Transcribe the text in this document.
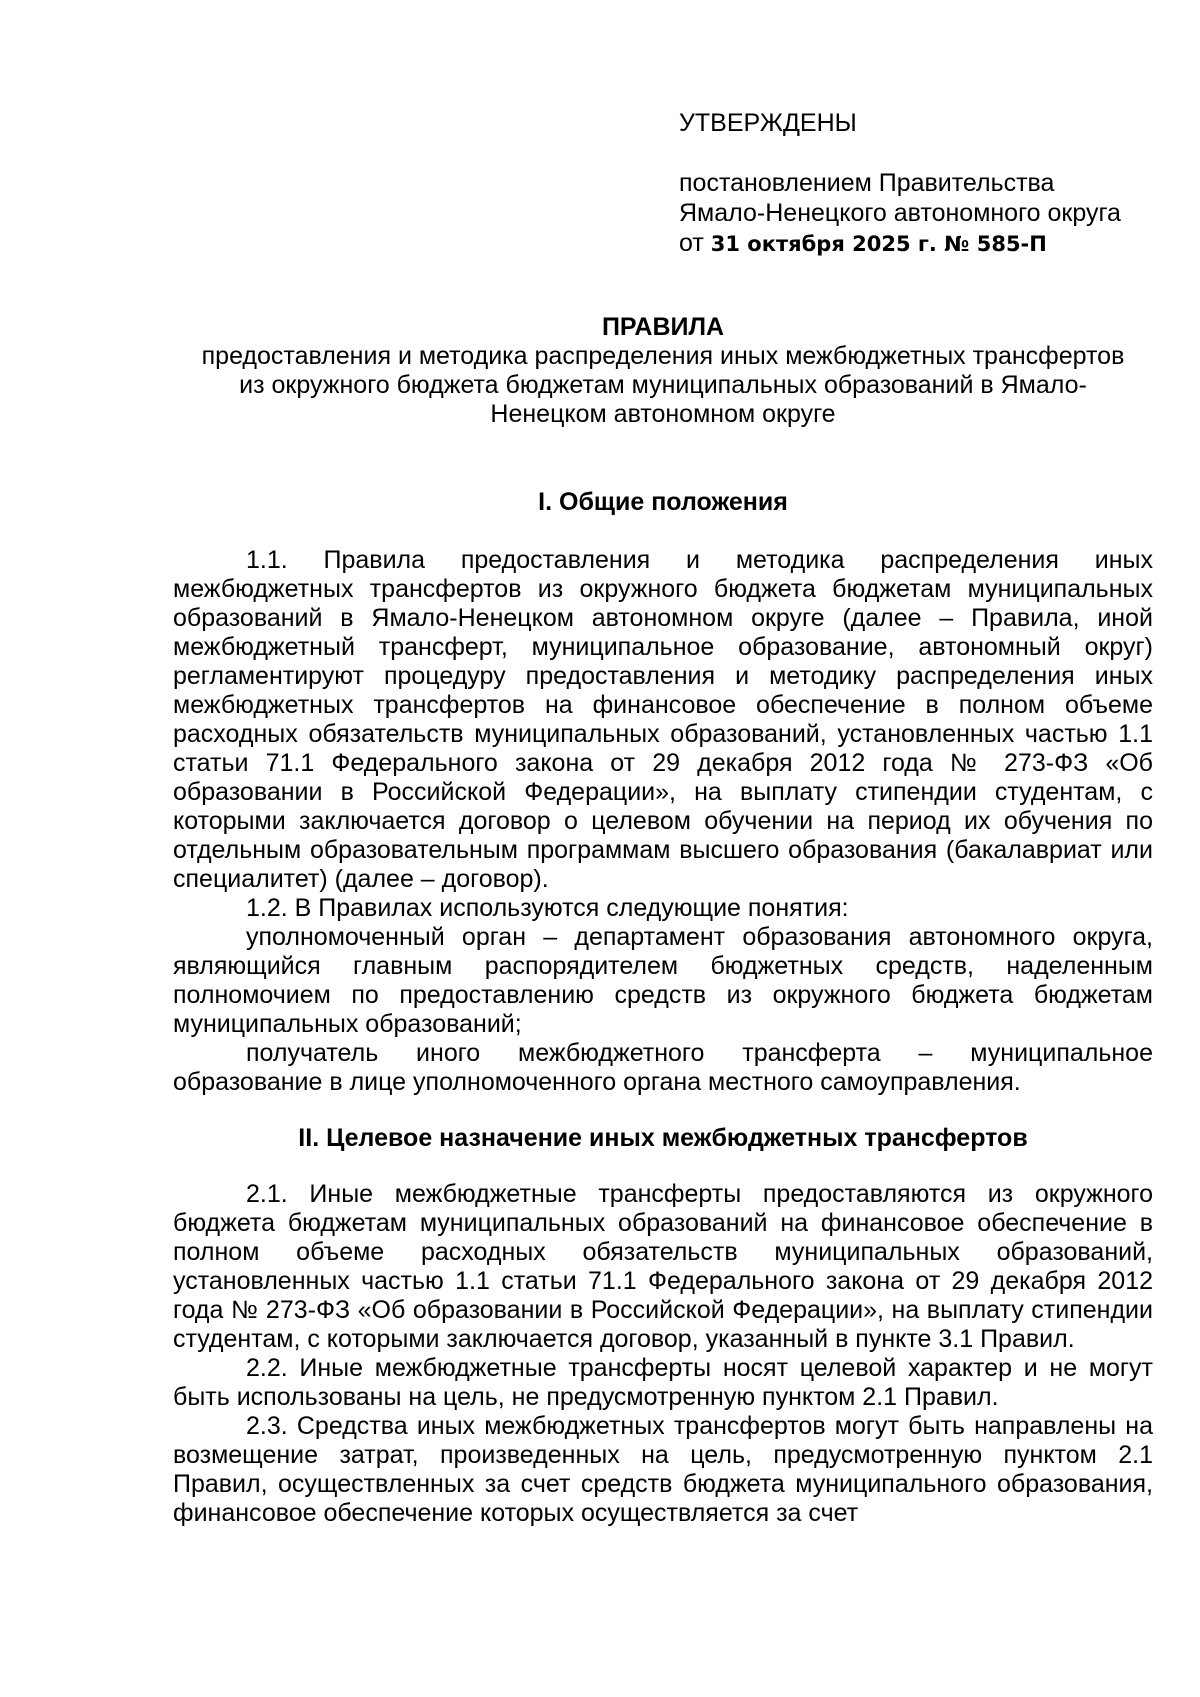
УТВЕРЖДЕНЫ
постановлением Правительства
Ямало-Ненецкого автономного округа
от 31 октября 2025 г. № 585-П

ПРАВИЛА

предоставления и методика распределения иных межбюджетных трансфертов из окружного бюджета бюджетам муниципальных образований в Ямало-Ненецком автономном округе

I. Общие положения

1.1. Правила предоставления и методика распределения иных межбюджетных трансфертов из окружного бюджета бюджетам муниципальных образований в Ямало-Ненецком автономном округе (далее – Правила, иной межбюджетный трансферт, муниципальное образование, автономный округ) регламентируют процедуру предоставления и методику распределения иных межбюджетных трансфертов на финансовое обеспечение в полном объеме расходных обязательств муниципальных образований, установленных частью 1.1 статьи 71.1 Федерального закона от 29 декабря 2012 года № 273-ФЗ «Об образовании в Российской Федерации», на выплату стипендии студентам, с которыми заключается договор о целевом обучении на период их обучения по отдельным образовательным программам высшего образования (бакалавриат или специалитет) (далее – договор).

1.2. В Правилах используются следующие понятия:

уполномоченный орган – департамент образования автономного округа, являющийся главным распорядителем бюджетных средств, наделенным полномочием по предоставлению средств из окружного бюджета бюджетам муниципальных образований;

получатель иного межбюджетного трансферта – муниципальное образование в лице уполномоченного органа местного самоуправления.

II. Целевое назначение иных межбюджетных трансфертов

2.1. Иные межбюджетные трансферты предоставляются из окружного бюджета бюджетам муниципальных образований на финансовое обеспечение в полном объеме расходных обязательств муниципальных образований, установленных частью 1.1 статьи 71.1 Федерального закона от 29 декабря 2012 года № 273-ФЗ «Об образовании в Российской Федерации», на выплату стипендии студентам, с которыми заключается договор, указанный в пункте 3.1 Правил.

2.2. Иные межбюджетные трансферты носят целевой характер и не могут быть использованы на цель, не предусмотренную пунктом 2.1 Правил.

2.3. Средства иных межбюджетных трансфертов могут быть направлены на возмещение затрат, произведенных на цель, предусмотренную пунктом 2.1 Правил, осуществленных за счет средств бюджета муниципального образования, финансовое обеспечение которых осуществляется за счет
